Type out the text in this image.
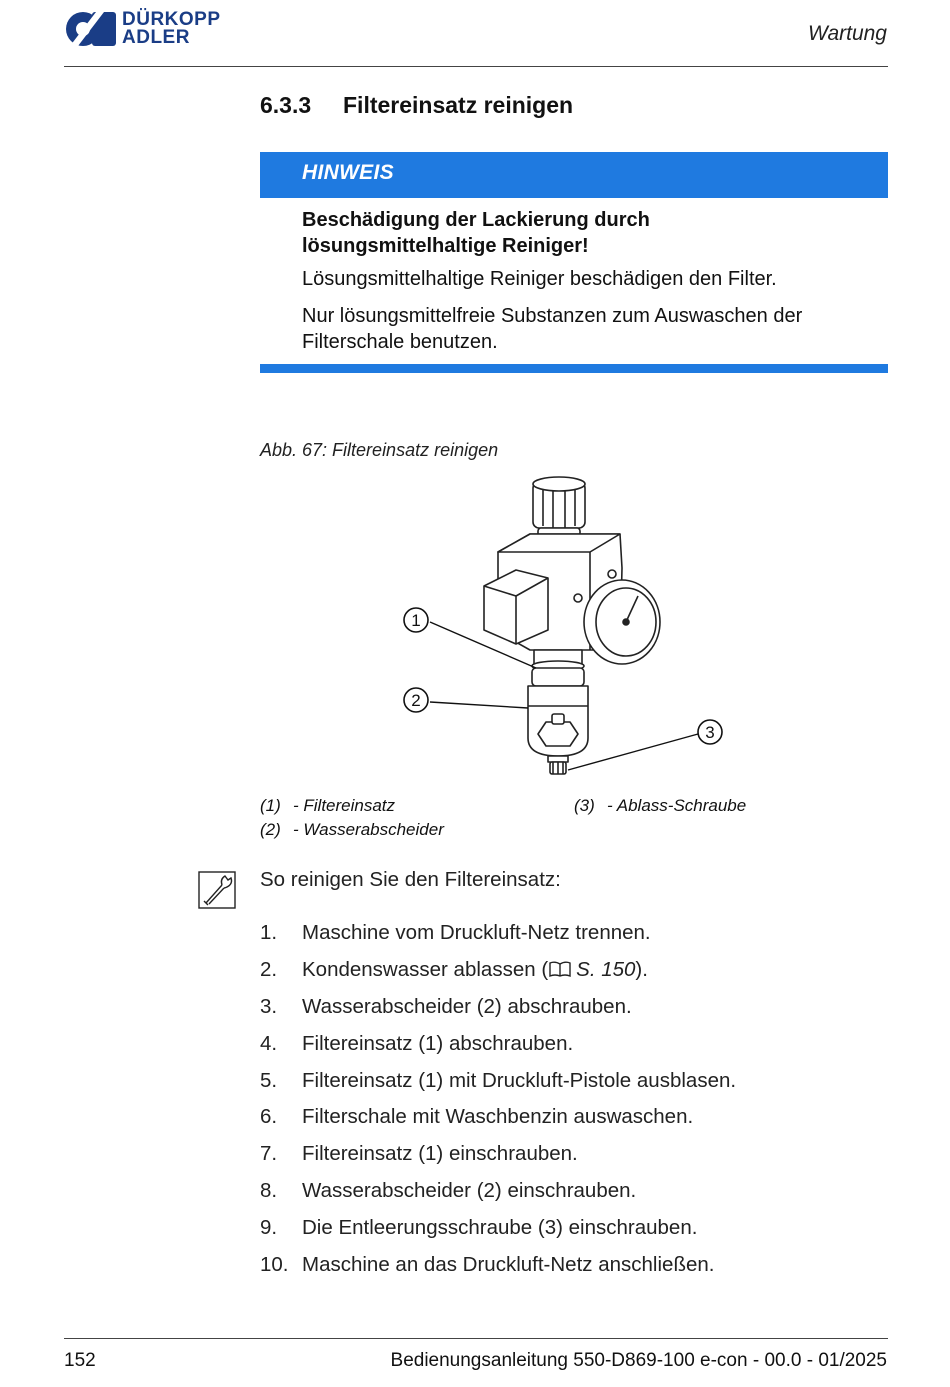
DÜRKOPP
ADLER	Wartung
6.3.3 Filtereinsatz reinigen
HINWEIS
Beschädigung der Lackierung durch
lösungsmittelhaltige Reiniger!
Lösungsmittelhaltige Reiniger beschädigen den Filter.
Nur lösungsmittelfreie Substanzen zum Auswaschen der
Filterschale benutzen.
Abb. 67: Filtereinsatz reinigen
1
2
3
(1) - Filtereinsatz
(2) - Wasserabscheider
(3) - Ablass-Schraube
So reinigen Sie den Filtereinsatz:
1. Maschine vom Druckluft-Netz trennen.
2. Kondenswasser ablassen ( S. 150).
3. Wasserabscheider (2) abschrauben.
4. Filtereinsatz (1) abschrauben.
5. Filtereinsatz (1) mit Druckluft-Pistole ausblasen.
6. Filterschale mit Waschbenzin auswaschen.
7. Filtereinsatz (1) einschrauben.
8. Wasserabscheider (2) einschrauben.
9. Die Entleerungsschraube (3) einschrauben.
10. Maschine an das Druckluft-Netz anschließen.
152	Bedienungsanleitung 550-D869-100 e-con - 00.0 - 01/2025
